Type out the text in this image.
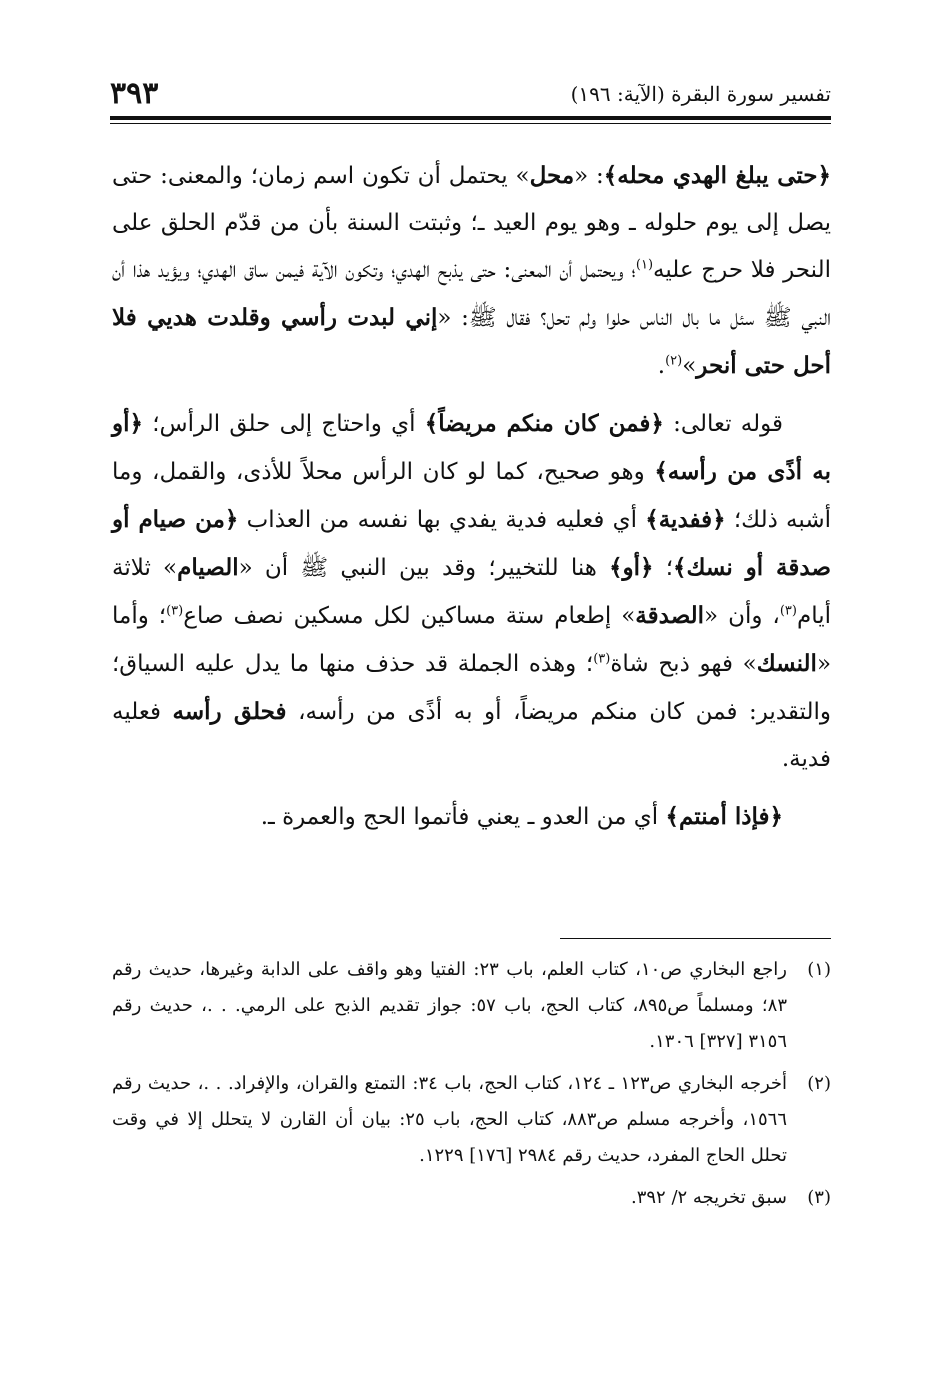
تفسير سورة البقرة (الآية: ١٩٦)
٣٩٣

﴿حتى يبلغ الهدي محله﴾: «محل» يحتمل أن تكون اسم زمان؛ والمعنى: حتى يصل إلى يوم حلوله ـ وهو يوم العيد ـ؛ وثبتت السنة بأن من قدّم الحلق على النحر فلا حرج عليه$^{(١)}$؛ ويحتمل أن المعنى: حتى يذبح الهدي؛ وتكون الآية فيمن ساق الهدي؛ ويؤيد هذا أن النبي ﷺ سئل ما بال الناس حلوا ولم تحل؟ فقال ﷺ: «إني لبدت رأسي وقلدت هديي فلا أحل حتى أنحر»$^{(٢)}$.

قوله تعالى: ﴿فمن كان منكم مريضاً﴾ أي واحتاج إلى حلق الرأس؛ ﴿أو به أذًى من رأسه﴾ وهو صحيح، كما لو كان الرأس محلاً للأذى، والقمل، وما أشبه ذلك؛ ﴿ففدية﴾ أي فعليه فدية يفدي بها نفسه من العذاب ﴿من صيام أو صدقة أو نسك﴾؛ ﴿أو﴾ هنا للتخيير؛ وقد بين النبي ﷺ أن «الصيام» ثلاثة أيام$^{(٣)}$، وأن «الصدقة» إطعام ستة مساكين لكل مسكين نصف صاع$^{(٣)}$؛ وأما «النسك» فهو ذبح شاة$^{(٣)}$؛ وهذه الجملة قد حذف منها ما يدل عليه السياق؛ والتقدير: فمن كان منكم مريضاً، أو به أذًى من رأسه، فحلق رأسه فعليه فدية.

﴿فإذا أمنتم﴾ أي من العدو ـ يعني فأتموا الحج والعمرة ـ.

(١)
راجع البخاري ص١٠، كتاب العلم، باب ٢٣: الفتيا وهو واقف على الدابة وغيرها، حديث رقم ٨٣؛ ومسلماً ص٨٩٥، كتاب الحج، باب ٥٧: جواز تقديم الذبح على الرمي. . .، حديث رقم ٣١٥٦ [٣٢٧] ١٣٠٦.
(٢)
أخرجه البخاري ص١٢٣ ـ ١٢٤، كتاب الحج، باب ٣٤: التمتع والقران، والإفراد. . .، حديث رقم ١٥٦٦، وأخرجه مسلم ص٨٨٣، كتاب الحج، باب ٢٥: بيان أن القارن لا يتحلل إلا في وقت تحلل الحاج المفرد، حديث رقم ٢٩٨٤ [١٧٦] ١٢٢٩.
(٣)
سبق تخريجه ٢/ ٣٩٢.
